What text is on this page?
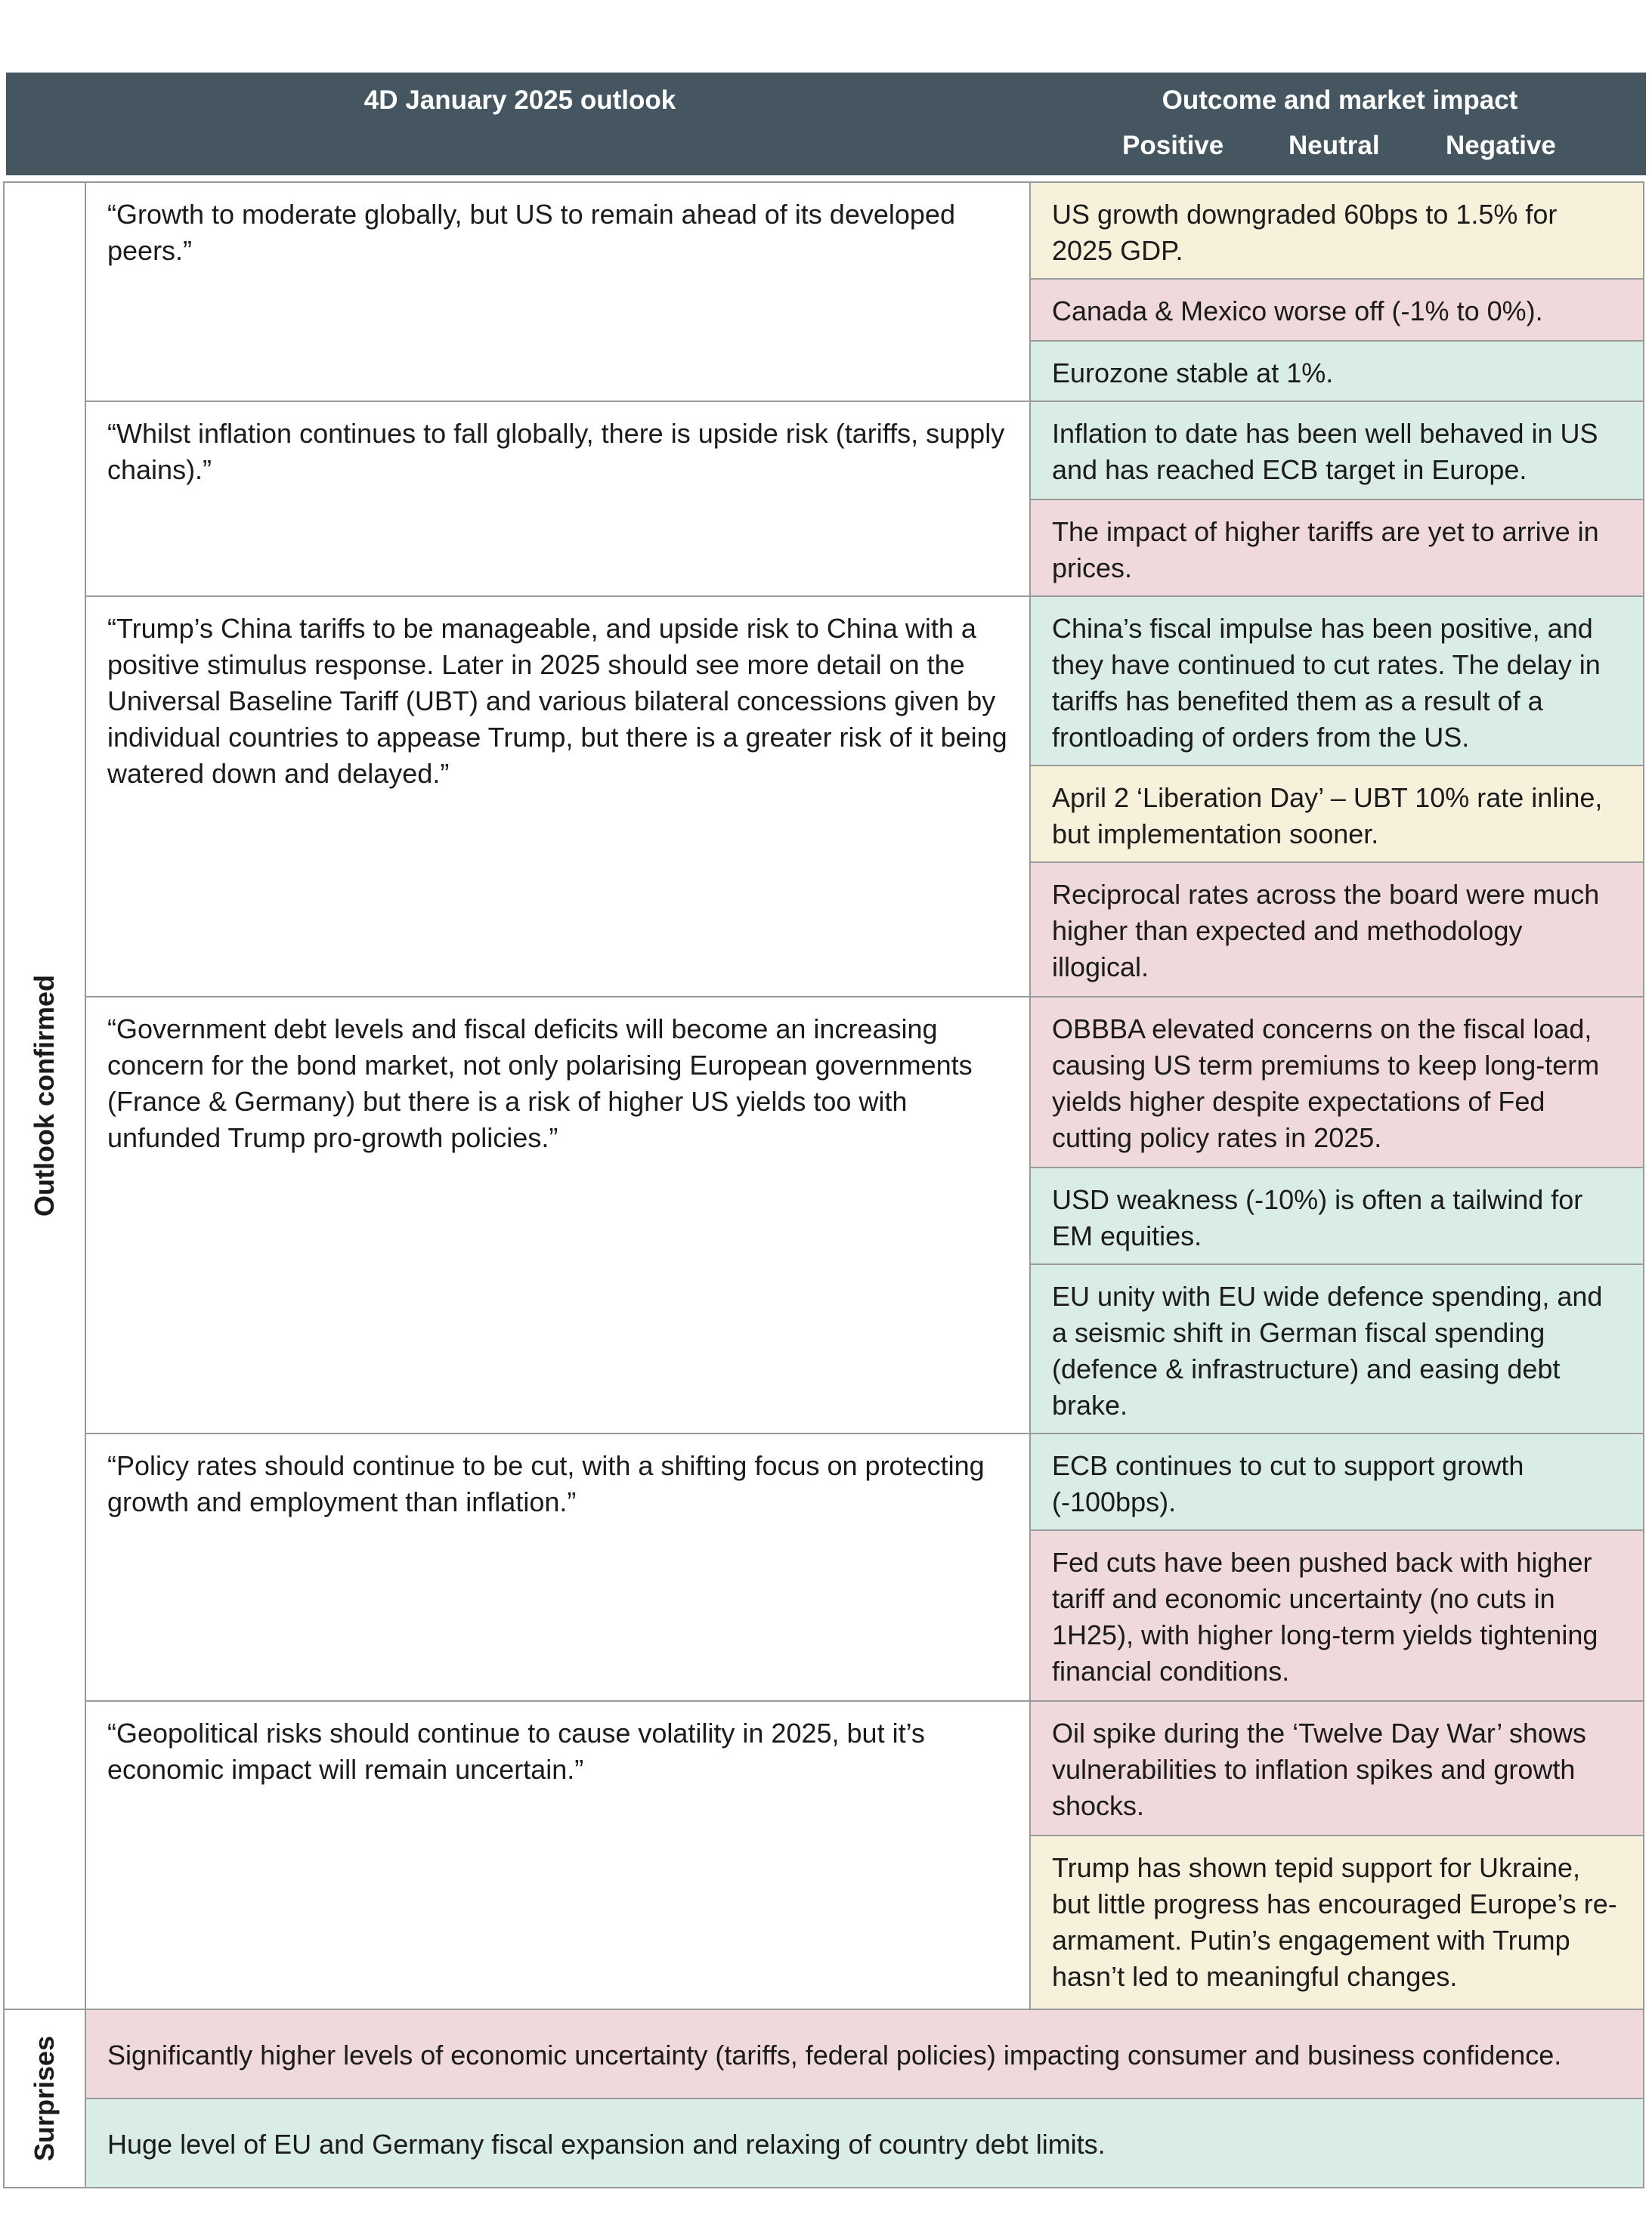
4D January 2025 outlook	Outcome and market impact
Positive Neutral Negative
Outlook confirmed
Surprises
“Growth to moderate globally, but US to remain ahead of its developed peers.”
US growth downgraded 60bps to 1.5% for 2025 GDP.
Canada & Mexico worse off (-1% to 0%).
Eurozone stable at 1%.
“Whilst inflation continues to fall globally, there is upside risk (tariffs, supply chains).”
Inflation to date has been well behaved in US and has reached ECB target in Europe.
The impact of higher tariffs are yet to arrive in prices.
“Trump’s China tariffs to be manageable, and upside risk to China with a positive stimulus response. Later in 2025 should see more detail on the Universal Baseline Tariff (UBT) and various bilateral concessions given by individual countries to appease Trump, but there is a greater risk of it being watered down and delayed.”
China’s fiscal impulse has been positive, and they have continued to cut rates. The delay in tariffs has benefited them as a result of a frontloading of orders from the US.
April 2 ‘Liberation Day’ – UBT 10% rate inline, but implementation sooner.
Reciprocal rates across the board were much higher than expected and methodology illogical.
“Government debt levels and fiscal deficits will become an increasing concern for the bond market, not only polarising European governments (France & Germany) but there is a risk of higher US yields too with unfunded Trump pro-growth policies.”
OBBBA elevated concerns on the fiscal load, causing US term premiums to keep long-term yields higher despite expectations of Fed cutting policy rates in 2025.
USD weakness (-10%) is often a tailwind for EM equities.
EU unity with EU wide defence spending, and a seismic shift in German fiscal spending (defence & infrastructure) and easing debt brake.
“Policy rates should continue to be cut, with a shifting focus on protecting growth and employment than inflation.”
ECB continues to cut to support growth (-100bps).
Fed cuts have been pushed back with higher tariff and economic uncertainty (no cuts in 1H25), with higher long-term yields tightening financial conditions.
“Geopolitical risks should continue to cause volatility in 2025, but it’s economic impact will remain uncertain.”
Oil spike during the ‘Twelve Day War’ shows vulnerabilities to inflation spikes and growth shocks.
Trump has shown tepid support for Ukraine, but little progress has encouraged Europe’s re-armament. Putin’s engagement with Trump hasn’t led to meaningful changes.
Significantly higher levels of economic uncertainty (tariffs, federal policies) impacting consumer and business confidence.
Huge level of EU and Germany fiscal expansion and relaxing of country debt limits.
